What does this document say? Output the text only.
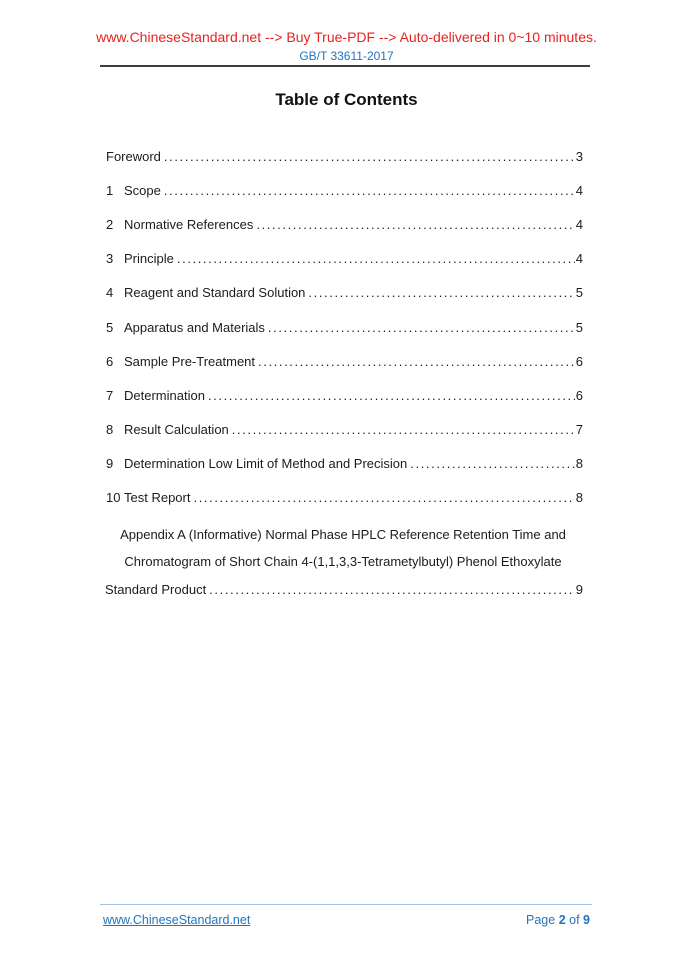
www.ChineseStandard.net --> Buy True-PDF --> Auto-delivered in 0~10 minutes.
GB/T 33611-2017
Table of Contents
Foreword .....	3
1 Scope .....	4
2 Normative References .....	4
3 Principle .....	4
4 Reagent and Standard Solution .....	5
5 Apparatus and Materials .....	5
6 Sample Pre-Treatment .....	6
7 Determination .....	6
8 Result Calculation .....	7
9 Determination Low Limit of Method and Precision .....	8
10 Test Report .....	8
Appendix A (Informative) Normal Phase HPLC Reference Retention Time and
Chromatogram of Short Chain 4-(1,1,3,3-Tetrametylbutyl) Phenol Ethoxylate
Standard Product .....	9
www.ChineseStandard.net	Page 2 of 9
